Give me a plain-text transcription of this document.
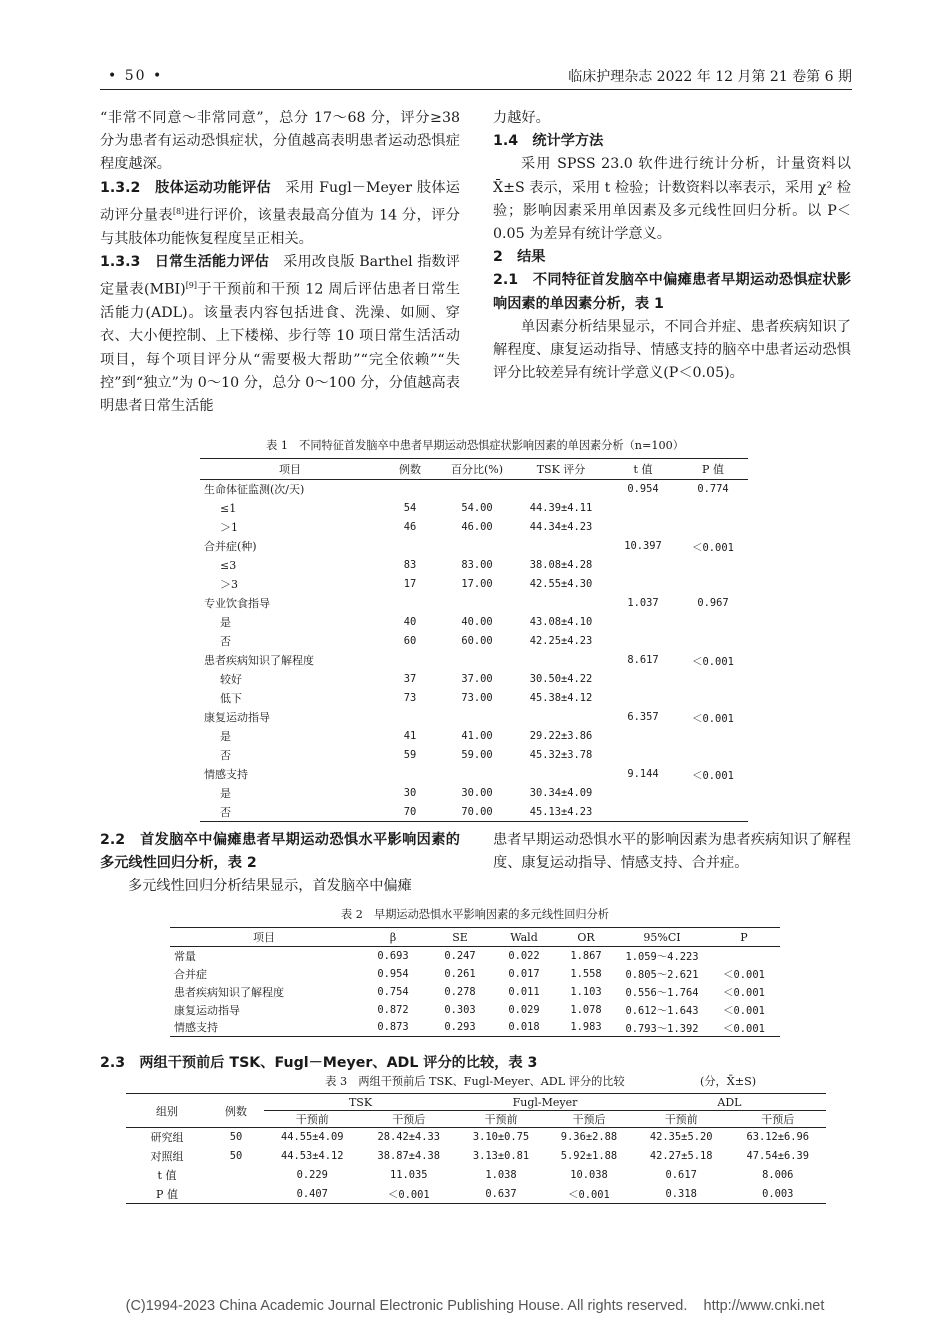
• 50 •	临床护理杂志 2022 年 12 月第 21 卷第 6 期

“非常不同意～非常同意”，总分 17～68 分，评分≥38 分为患者有运动恐惧症状，分值越高表明患者运动恐惧症程度越深。

1.3.2　 肢体运动功能评估　 采用 Fugl－Meyer 肢体运动评分量表[8]进行评价，该量表最高分值为 14 分，评分与其肢体功能恢复程度呈正相关。

1.3.3　 日常生活能力评估　 采用改良版 Barthel 指数评定量表(MBI)[9]于干预前和干预 12 周后评估患者日常生活能力(ADL)。该量表内容包括进食、洗澡、如厕、穿衣、大小便控制、上下楼梯、步行等 10 项日常生活活动项目，每个项目评分从“需要极大帮助”“完全依赖”“失控”到“独立”为 0～10 分，总分 0～100 分，分值越高表明患者日常生活能

力越好。

1.4　 统计学方法

采用 SPSS 23.0 软件进行统计分析，计量资料以 X̄±S 表示，采用 t 检验；计数资料以率表示，采用 χ² 检验；影响因素采用单因素及多元线性回归分析。以 P＜0.05 为差异有统计学意义。

2　 结果

2.1　 不同特征首发脑卒中偏瘫患者早期运动恐惧症状影响因素的单因素分析，表 1

单因素分析结果显示，不同合并症、患者疾病知识了解程度、康复运动指导、情感支持的脑卒中患者运动恐惧评分比较差异有统计学意义(P＜0.05)。

表 1　不同特征首发脑卒中患者早期运动恐惧症状影响因素的单因素分析（n=100）
项目	例数	百分比(%)	TSK 评分	t 值	P 值
生命体征监测(次/天)				0.954	0.774
≤1	54	54.00	44.39±4.11		
＞1	46	46.00	44.34±4.23		
合并症(种)				10.397	＜0.001
≤3	83	83.00	38.08±4.28		
＞3	17	17.00	42.55±4.30		
专业饮食指导				1.037	0.967
是	40	40.00	43.08±4.10		
否	60	60.00	42.25±4.23		
患者疾病知识了解程度				8.617	＜0.001
较好	37	37.00	30.50±4.22		
低下	73	73.00	45.38±4.12		
康复运动指导				6.357	＜0.001
是	41	41.00	29.22±3.86		
否	59	59.00	45.32±3.78		
情感支持				9.144	＜0.001
是	30	30.00	30.34±4.09		
否	70	70.00	45.13±4.23		

2.2　 首发脑卒中偏瘫患者早期运动恐惧水平影响因素的多元线性回归分析，表 2

多元线性回归分析结果显示，首发脑卒中偏瘫

患者早期运动恐惧水平的影响因素为患者疾病知识了解程度、康复运动指导、情感支持、合并症。

表 2　早期运动恐惧水平影响因素的多元线性回归分析
项目	β	SE	Wald	OR	95%CI	P
常量	0.693	0.247	0.022	1.867	1.059～4.223	
合并症	0.954	0.261	0.017	1.558	0.805～2.621	＜0.001
患者疾病知识了解程度	0.754	0.278	0.011	1.103	0.556～1.764	＜0.001
康复运动指导	0.872	0.303	0.029	1.078	0.612～1.643	＜0.001
情感支持	0.873	0.293	0.018	1.983	0.793～1.392	＜0.001
2.3　 两组干预前后 TSK、Fugl－Meyer、ADL 评分的比较，表 3
表 3　两组干预前后 TSK、Fugl-Meyer、ADL 评分的比较	(分，X̄±S)
组别	例数	TSK		Fugl-Meyer		ADL	
		干预前	干预后	干预前	干预后	干预前	干预后
研究组	50	44.55±4.09	28.42±4.33	3.10±0.75	9.36±2.88	42.35±5.20	63.12±6.96
对照组	50	44.53±4.12	38.87±4.38	3.13±0.81	5.92±1.88	42.27±5.18	47.54±6.39
t 值		0.229	11.035	1.038	10.038	0.617	8.006
P 值		0.407	＜0.001	0.637	＜0.001	0.318	0.003
(C)1994-2023 China Academic Journal Electronic Publishing House. All rights reserved. http://www.cnki.net
